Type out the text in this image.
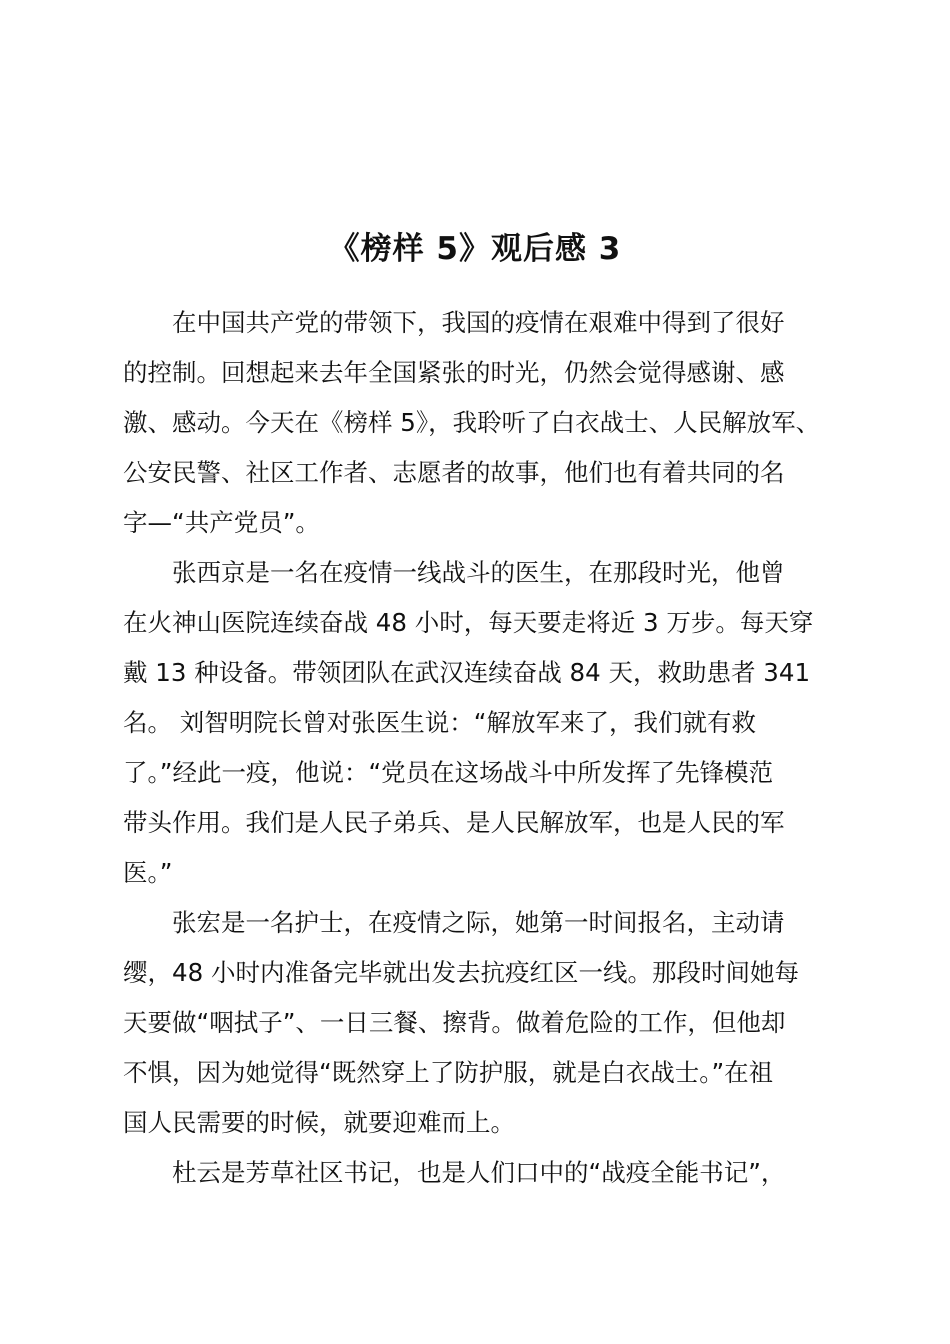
《榜样 5》观后感 3
在中国共产党的带领下，我国的疫情在艰难中得到了很好
的控制。回想起来去年全国紧张的时光，仍然会觉得感谢、感
激、感动。今天在《榜样 5》，我聆听了白衣战士、人民解放军、
公安民警、社区工作者、志愿者的故事，他们也有着共同的名
字—“共产党员”。
张西京是一名在疫情一线战斗的医生，在那段时光，他曾
在火神山医院连续奋战 48 小时，每天要走将近 3 万步。每天穿
戴 13 种设备。带领团队在武汉连续奋战 84 天，救助患者 341
名。 刘智明院长曾对张医生说：“解放军来了，我们就有救
了。”经此一疫，他说：“党员在这场战斗中所发挥了先锋模范
带头作用。我们是人民子弟兵、是人民解放军，也是人民的军
医。”
张宏是一名护士，在疫情之际，她第一时间报名，主动请
缨，48 小时内准备完毕就出发去抗疫红区一线。那段时间她每
天要做“咽拭子”、一日三餐、擦背。做着危险的工作，但他却
不惧，因为她觉得“既然穿上了防护服，就是白衣战士。”在祖
国人民需要的时候，就要迎难而上。
杜云是芳草社区书记，也是人们口中的“战疫全能书记”，
